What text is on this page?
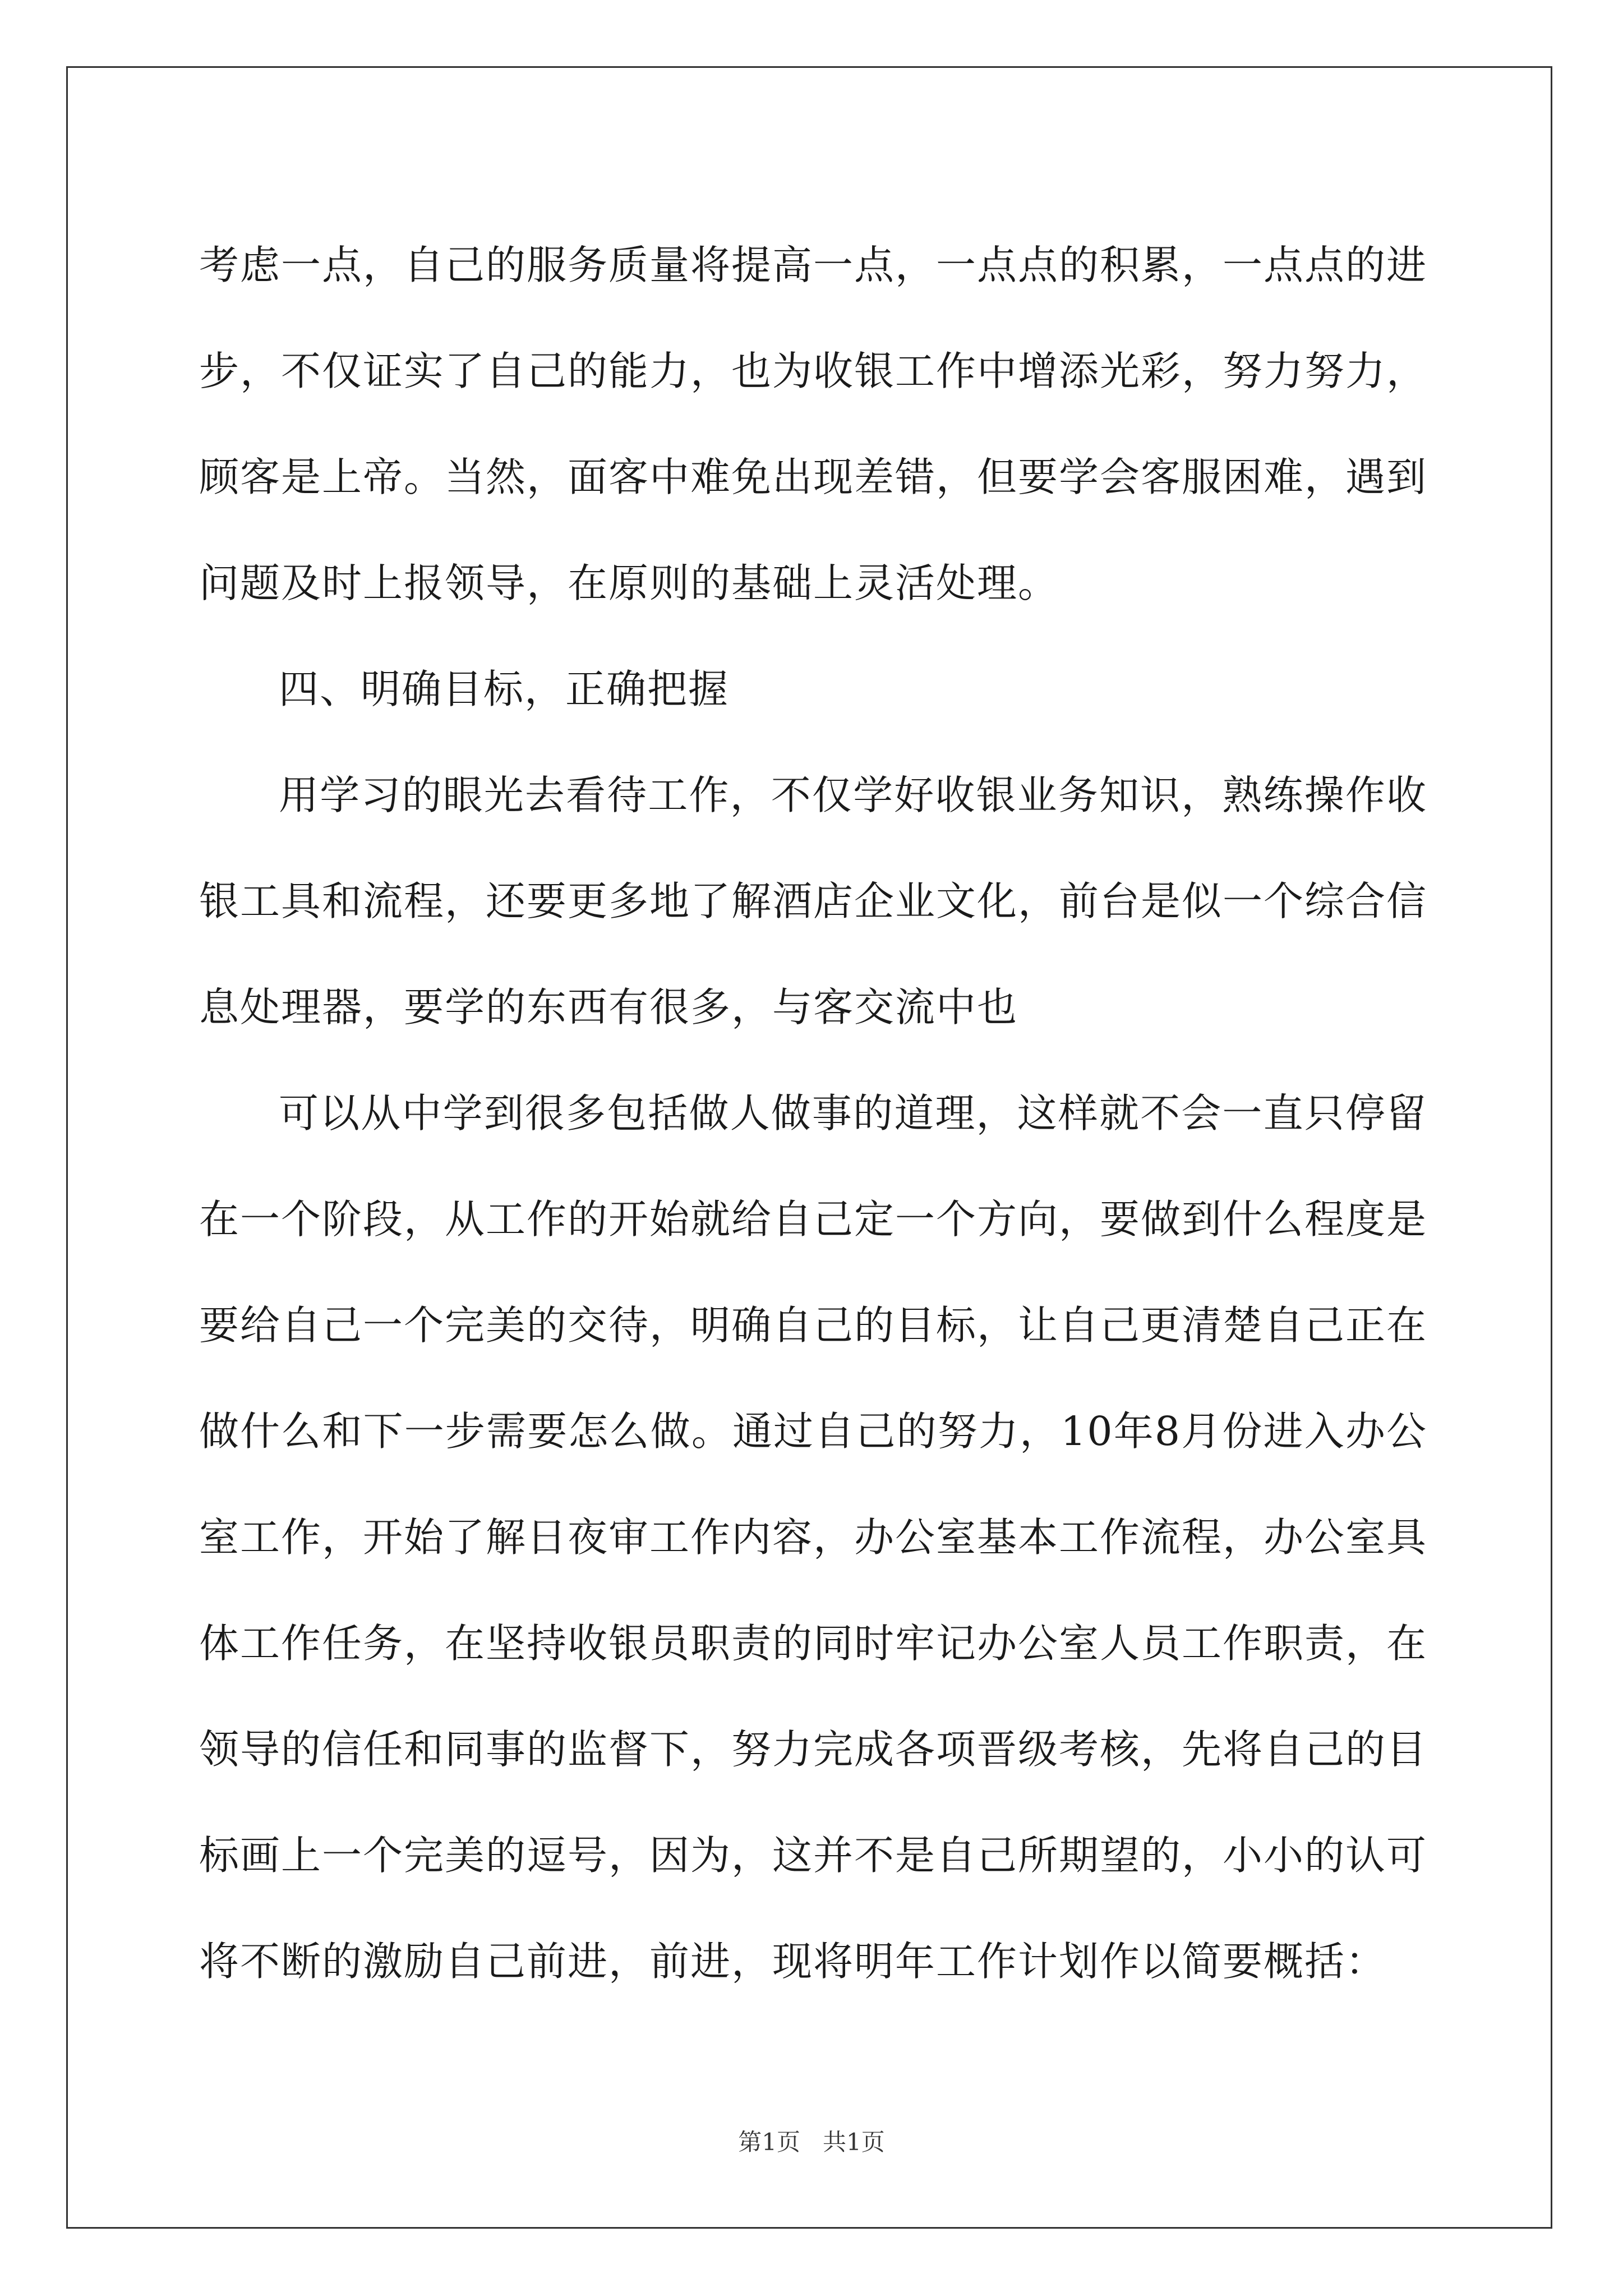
考虑一点，自己的服务质量将提高一点，一点点的积累，一点点的进步，不仅证实了自己的能力，也为收银工作中增添光彩，努力努力，顾客是上帝。当然，面客中难免出现差错，但要学会客服困难，遇到问题及时上报领导，在原则的基础上灵活处理。

四、明确目标，正确把握

用学习的眼光去看待工作，不仅学好收银业务知识，熟练操作收银工具和流程，还要更多地了解酒店企业文化，前台是似一个综合信息处理器，要学的东西有很多，与客交流中也

可以从中学到很多包括做人做事的道理，这样就不会一直只停留在一个阶段，从工作的开始就给自己定一个方向，要做到什么程度是要给自己一个完美的交待，明确自己的目标，让自己更清楚自己正在做什么和下一步需要怎么做。通过自己的努力，10年8月份进入办公室工作，开始了解日夜审工作内容，办公室基本工作流程，办公室具体工作任务，在坚持收银员职责的同时牢记办公室人员工作职责，在领导的信任和同事的监督下，努力完成各项晋级考核，先将自己的目标画上一个完美的逗号，因为，这并不是自己所期望的，小小的认可将不断的激励自己前进，前进，现将明年工作计划作以简要概括：

第1页   共1页
